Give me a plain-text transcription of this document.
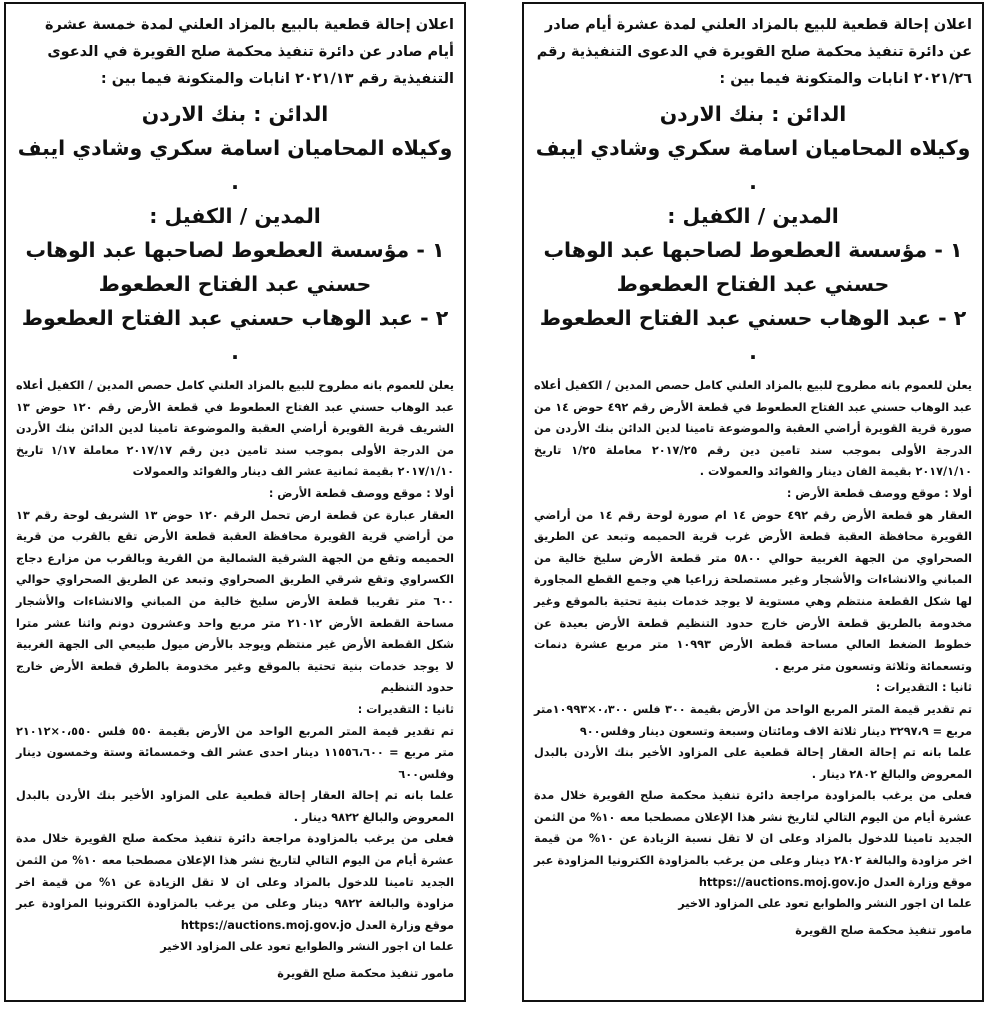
اعلان إحالة قطعية للبيع بالمزاد العلني لمدة عشرة أيام صادر عن دائرة تنفيذ محكمة صلح القويرة في الدعوى التنفيذية رقم ٢٠٢١/٢٦ انابات والمتكونة فيما بين :

الدائن : بنك الاردن

وكيلاه المحاميان اسامة سكري وشادي ايبف .

المدين / الكفيل :

١ - مؤسسة العطعوط لصاحبها عبد الوهاب حسني عبد الفتاح العطعوط

٢ - عبد الوهاب حسني عبد الفتاح العطعوط .

يعلن للعموم بانه مطروح للبيع بالمزاد العلني كامل حصص المدين / الكفيل أعلاه عبد الوهاب حسني عبد الفتاح العطعوط في قطعة الأرض رقم ٤٩٢ حوض ١٤ من صورة قرية القويرة أراضي العقبة والموضوعة تامينا لدين الدائن بنك الأردن من الدرجة الأولى بموجب سند تامين دين رقم ٢٠١٧/٢٥ معاملة ١/٢٥ تاريخ ٢٠١٧/١/١٠ بقيمة الفان دينار والفوائد والعمولات .

أولا : موقع ووصف قطعة الأرض :

العقار هو قطعة الأرض رقم ٤٩٢ حوض ١٤ ام صورة لوحة رقم ١٤ من أراضي القويرة محافظة العقبة قطعة الأرض غرب قرية الحميمه وتبعد عن الطريق الصحراوي من الجهة الغربية حوالي ٥٨٠٠ متر قطعة الأرض سليخ خالية من المباني والانشاءات والأشجار وغير مستصلحة زراعيا هي وجمع القطع المجاورة لها شكل القطعة منتظم وهي مستوية لا يوجد خدمات بنية تحتية بالموقع وغير مخدومة بالطريق قطعة الأرض خارج حدود التنظيم قطعة الأرض بعيدة عن خطوط الضغط العالي مساحة قطعة الأرض ١٠٩٩٣ متر مربع عشرة دنمات وتسعمائة وثلاثة وتسعون متر مربع .

ثانيا : التقديرات :

تم تقدير قيمة المتر المربع الواحد من الأرض بقيمة ٣٠٠ فلس ٠،٣٠٠×١٠٩٩٣متر مربع = ٣٢٩٧،٩ دينار ثلاثة الاف ومائتان وسبعة وتسعون دينار وفلس٩٠٠

علما بانه تم إحالة العقار إحالة قطعية على المزاود الأخير بنك الأردن بالبدل المعروض والبالغ ٢٨٠٢ دينار .

فعلى من يرغب بالمزاودة مراجعة دائرة تنفيذ محكمة صلح القويرة خلال مدة عشرة أيام من اليوم التالي لتاريخ نشر هذا الإعلان مصطحبا معه ١٠% من الثمن الجديد تامينا للدخول بالمزاد وعلى ان لا تقل نسبة الزيادة عن ١٠% من قيمة اخر مزاودة والبالغة ٢٨٠٢ دينار وعلى من يرغب بالمزاودة الكترونيا المزاودة عبر موقع وزارة العدل https://auctions.moj.gov.jo

علما ان اجور النشر والطوابع تعود على المزاود الاخير

مامور تنفيذ محكمة صلح القويرة

اعلان إحالة قطعية بالبيع بالمزاد العلني لمدة خمسة عشرة أيام صادر عن دائرة تنفيذ محكمة صلح القويرة في الدعوى التنفيذية رقم ٢٠٢١/١٣ انابات والمتكونة فيما بين :

الدائن : بنك الاردن

وكيلاه المحاميان اسامة سكري وشادي ايبف .

المدين / الكفيل :

١ - مؤسسة العطعوط لصاحبها عبد الوهاب حسني عبد الفتاح العطعوط

٢ - عبد الوهاب حسني عبد الفتاح العطعوط .

يعلن للعموم بانه مطروح للبيع بالمزاد العلني كامل حصص المدين / الكفيل أعلاه عبد الوهاب حسني عبد الفتاح العطعوط في قطعة الأرض رقم ١٢٠ حوض ١٣ الشريف قرية القويرة أراضي العقبة والموضوعة تامينا لدين الدائن بنك الأردن من الدرجة الأولى بموجب سند تامين دين رقم ٢٠١٧/١٧ معاملة ١/١٧ تاريخ ٢٠١٧/١/١٠ بقيمة ثمانية عشر الف دينار والفوائد والعمولات

أولا : موقع ووصف قطعة الأرض :

العقار عبارة عن قطعة ارض تحمل الرقم ١٢٠ حوض ١٣ الشريف لوحة رقم ١٣ من أراضي قرية القويرة محافظة العقبة قطعة الأرض تقع بالقرب من قرية الحميمه وتقع من الجهة الشرقية الشمالية من القرية وبالقرب من مزارع دجاج الكسراوي وتقع شرقي الطريق الصحراوي وتبعد عن الطريق الصحراوي حوالي ٦٠٠ متر تقريبا قطعة الأرض سليخ خالية من المباني والانشاءات والأشجار مساحة القطعة الأرض ٢١٠١٢ متر مربع واحد وعشرون دونم واثنا عشر مترا شكل القطعة الأرض غير منتظم ويوجد بالأرض ميول طبيعي الى الجهة الغربية لا يوجد خدمات بنية تحتية بالموقع وغير مخدومة بالطرق قطعة الأرض خارج حدود التنظيم

ثانيا : التقديرات :

تم تقدير قيمة المتر المربع الواحد من الأرض بقيمة ٥٥٠ فلس ٠،٥٥٠×٢١٠١٢ متر مربع = ١١٥٥٦،٦٠٠ دينار احدى عشر الف وخمسمائة وستة وخمسون دينار وفلس٦٠٠

علما بانه تم إحالة العقار إحالة قطعية على المزاود الأخير بنك الأردن بالبدل المعروض والبالغ ٩٨٢٢ دينار .

فعلى من يرغب بالمزاودة مراجعة دائرة تنفيذ محكمة صلح القويرة خلال مدة عشرة أيام من اليوم التالي لتاريخ نشر هذا الإعلان مصطحبا معه ١٠% من الثمن الجديد تامينا للدخول بالمزاد وعلى ان لا تقل الزيادة عن ١% من قيمة اخر مزاودة والبالغة ٩٨٢٢ دينار وعلى من يرغب بالمزاودة الكترونيا المزاودة عبر موقع وزارة العدل https://auctions.moj.gov.jo

علما ان اجور النشر والطوابع تعود على المزاود الاخير

مامور تنفيذ محكمة صلح القويرة
